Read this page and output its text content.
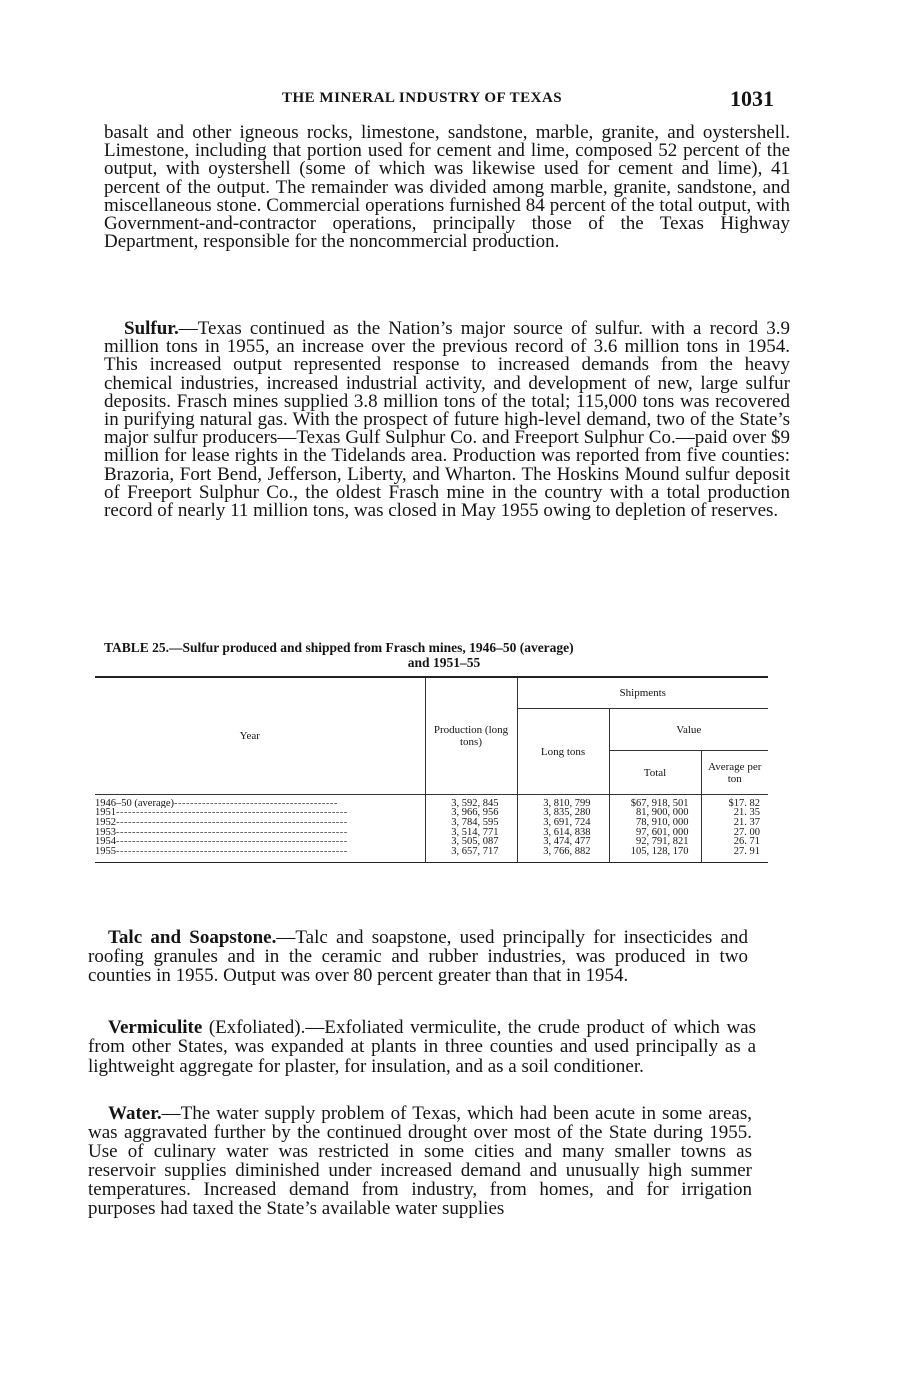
THE MINERAL INDUSTRY OF TEXAS	1031

basalt and other igneous rocks, limestone, sandstone, marble, granite, and oystershell. Limestone, including that portion used for cement and lime, composed 52 percent of the output, with oystershell (some of which was likewise used for cement and lime), 41 percent of the output. The remainder was divided among marble, granite, sandstone, and miscellaneous stone. Commercial operations furnished 84 percent of the total output, with Government-and-contractor operations, principally those of the Texas Highway Department, responsible for the noncommercial production.

Sulfur.—Texas continued as the Nation’s major source of sulfur. with a record 3.9 million tons in 1955, an increase over the previous record of 3.6 million tons in 1954. This increased output represented response to increased demands from the heavy chemical industries, increased industrial activity, and development of new, large sulfur deposits. Frasch mines supplied 3.8 million tons of the total; 115,000 tons was recovered in purifying natural gas. With the prospect of future high-level demand, two of the State’s major sulfur producers—Texas Gulf Sulphur Co. and Freeport Sulphur Co.—paid over $9 million for lease rights in the Tidelands area. Production was reported from five counties: Brazoria, Fort Bend, Jefferson, Liberty, and Wharton. The Hoskins Mound sulfur deposit of Freeport Sulphur Co., the oldest Frasch mine in the country with a total production record of nearly 11 million tons, was closed in May 1955 owing to depletion of reserves.

TABLE 25.—Sulfur produced and shipped from Frasch mines, 1946–50 (average)
and 1951–55

Year	Production (long tons)	Shipments		
		Long tons	Value	
			Total	Average per ton

1946–50 (average)-----------------------------------------	3, 592, 845	3, 810, 799	$67, 918, 501	$17. 82
1951----------------------------------------------------------	3, 966, 956	3, 835, 280	81, 900, 000	21. 35
1952----------------------------------------------------------	3, 784, 595	3, 691, 724	78, 910, 000	21. 37
1953----------------------------------------------------------	3, 514, 771	3, 614, 838	97, 601, 000	27. 00
1954----------------------------------------------------------	3, 505, 087	3, 474, 477	92, 791, 821	26. 71
1955----------------------------------------------------------	3, 657, 717	3, 766, 882	105, 128, 170	27. 91

Talc and Soapstone.—Talc and soapstone, used principally for insecticides and roofing granules and in the ceramic and rubber industries, was produced in two counties in 1955. Output was over 80 percent greater than that in 1954.

Vermiculite (Exfoliated).—Exfoliated vermiculite, the crude product of which was from other States, was expanded at plants in three counties and used principally as a lightweight aggregate for plaster, for insulation, and as a soil conditioner.

Water.—The water supply problem of Texas, which had been acute in some areas, was aggravated further by the continued drought over most of the State during 1955. Use of culinary water was restricted in some cities and many smaller towns as reservoir supplies diminished under increased demand and unusually high summer temperatures. Increased demand from industry, from homes, and for irrigation purposes had taxed the State’s available water supplies
